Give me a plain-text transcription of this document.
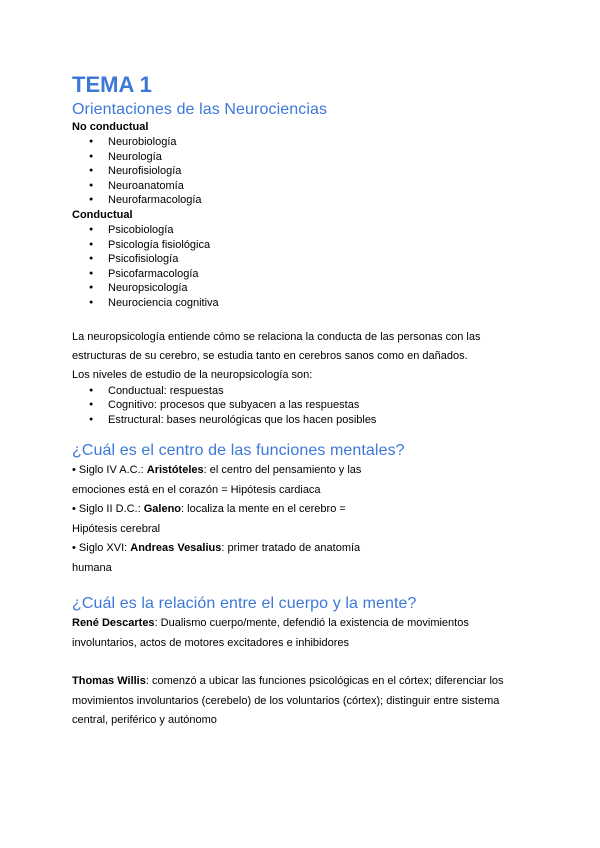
TEMA 1
Orientaciones de las Neurociencias
No conductual
● Neurobiología
● Neurología
● Neurofisiología
● Neuroanatomía
● Neurofarmacología
Conductual
● Psicobiología
● Psicología fisiológica
● Psicofisiología
● Psicofarmacología
● Neuropsicología
● Neurociencia cognitiva

La neuropsicología entiende cómo se relaciona la conducta de las personas con las

estructuras de su cerebro, se estudia tanto en cerebros sanos como en dañados.

Los niveles de estudio de la neuropsicología son:

● Conductual: respuestas
● Cognitivo: procesos que subyacen a las respuestas
● Estructural: bases neurológicas que los hacen posibles
¿Cuál es el centro de las funciones mentales?

• Siglo IV A.C.: Aristóteles: el centro del pensamiento y las

emociones está en el corazón = Hipótesis cardiaca

• Siglo II D.C.: Galeno: localiza la mente en el cerebro =

Hipótesis cerebral

• Siglo XVI: Andreas Vesalius: primer tratado de anatomía

humana

¿Cuál es la relación entre el cuerpo y la mente?

René Descartes: Dualismo cuerpo/mente, defendió la existencia de movimientos

involuntarios, actos de motores excitadores e inhibidores

Thomas Willis: comenzó a ubicar las funciones psicológicas en el córtex; diferenciar los

movimientos involuntarios (cerebelo) de los voluntarios (córtex); distinguir entre sistema

central, periférico y autónomo
